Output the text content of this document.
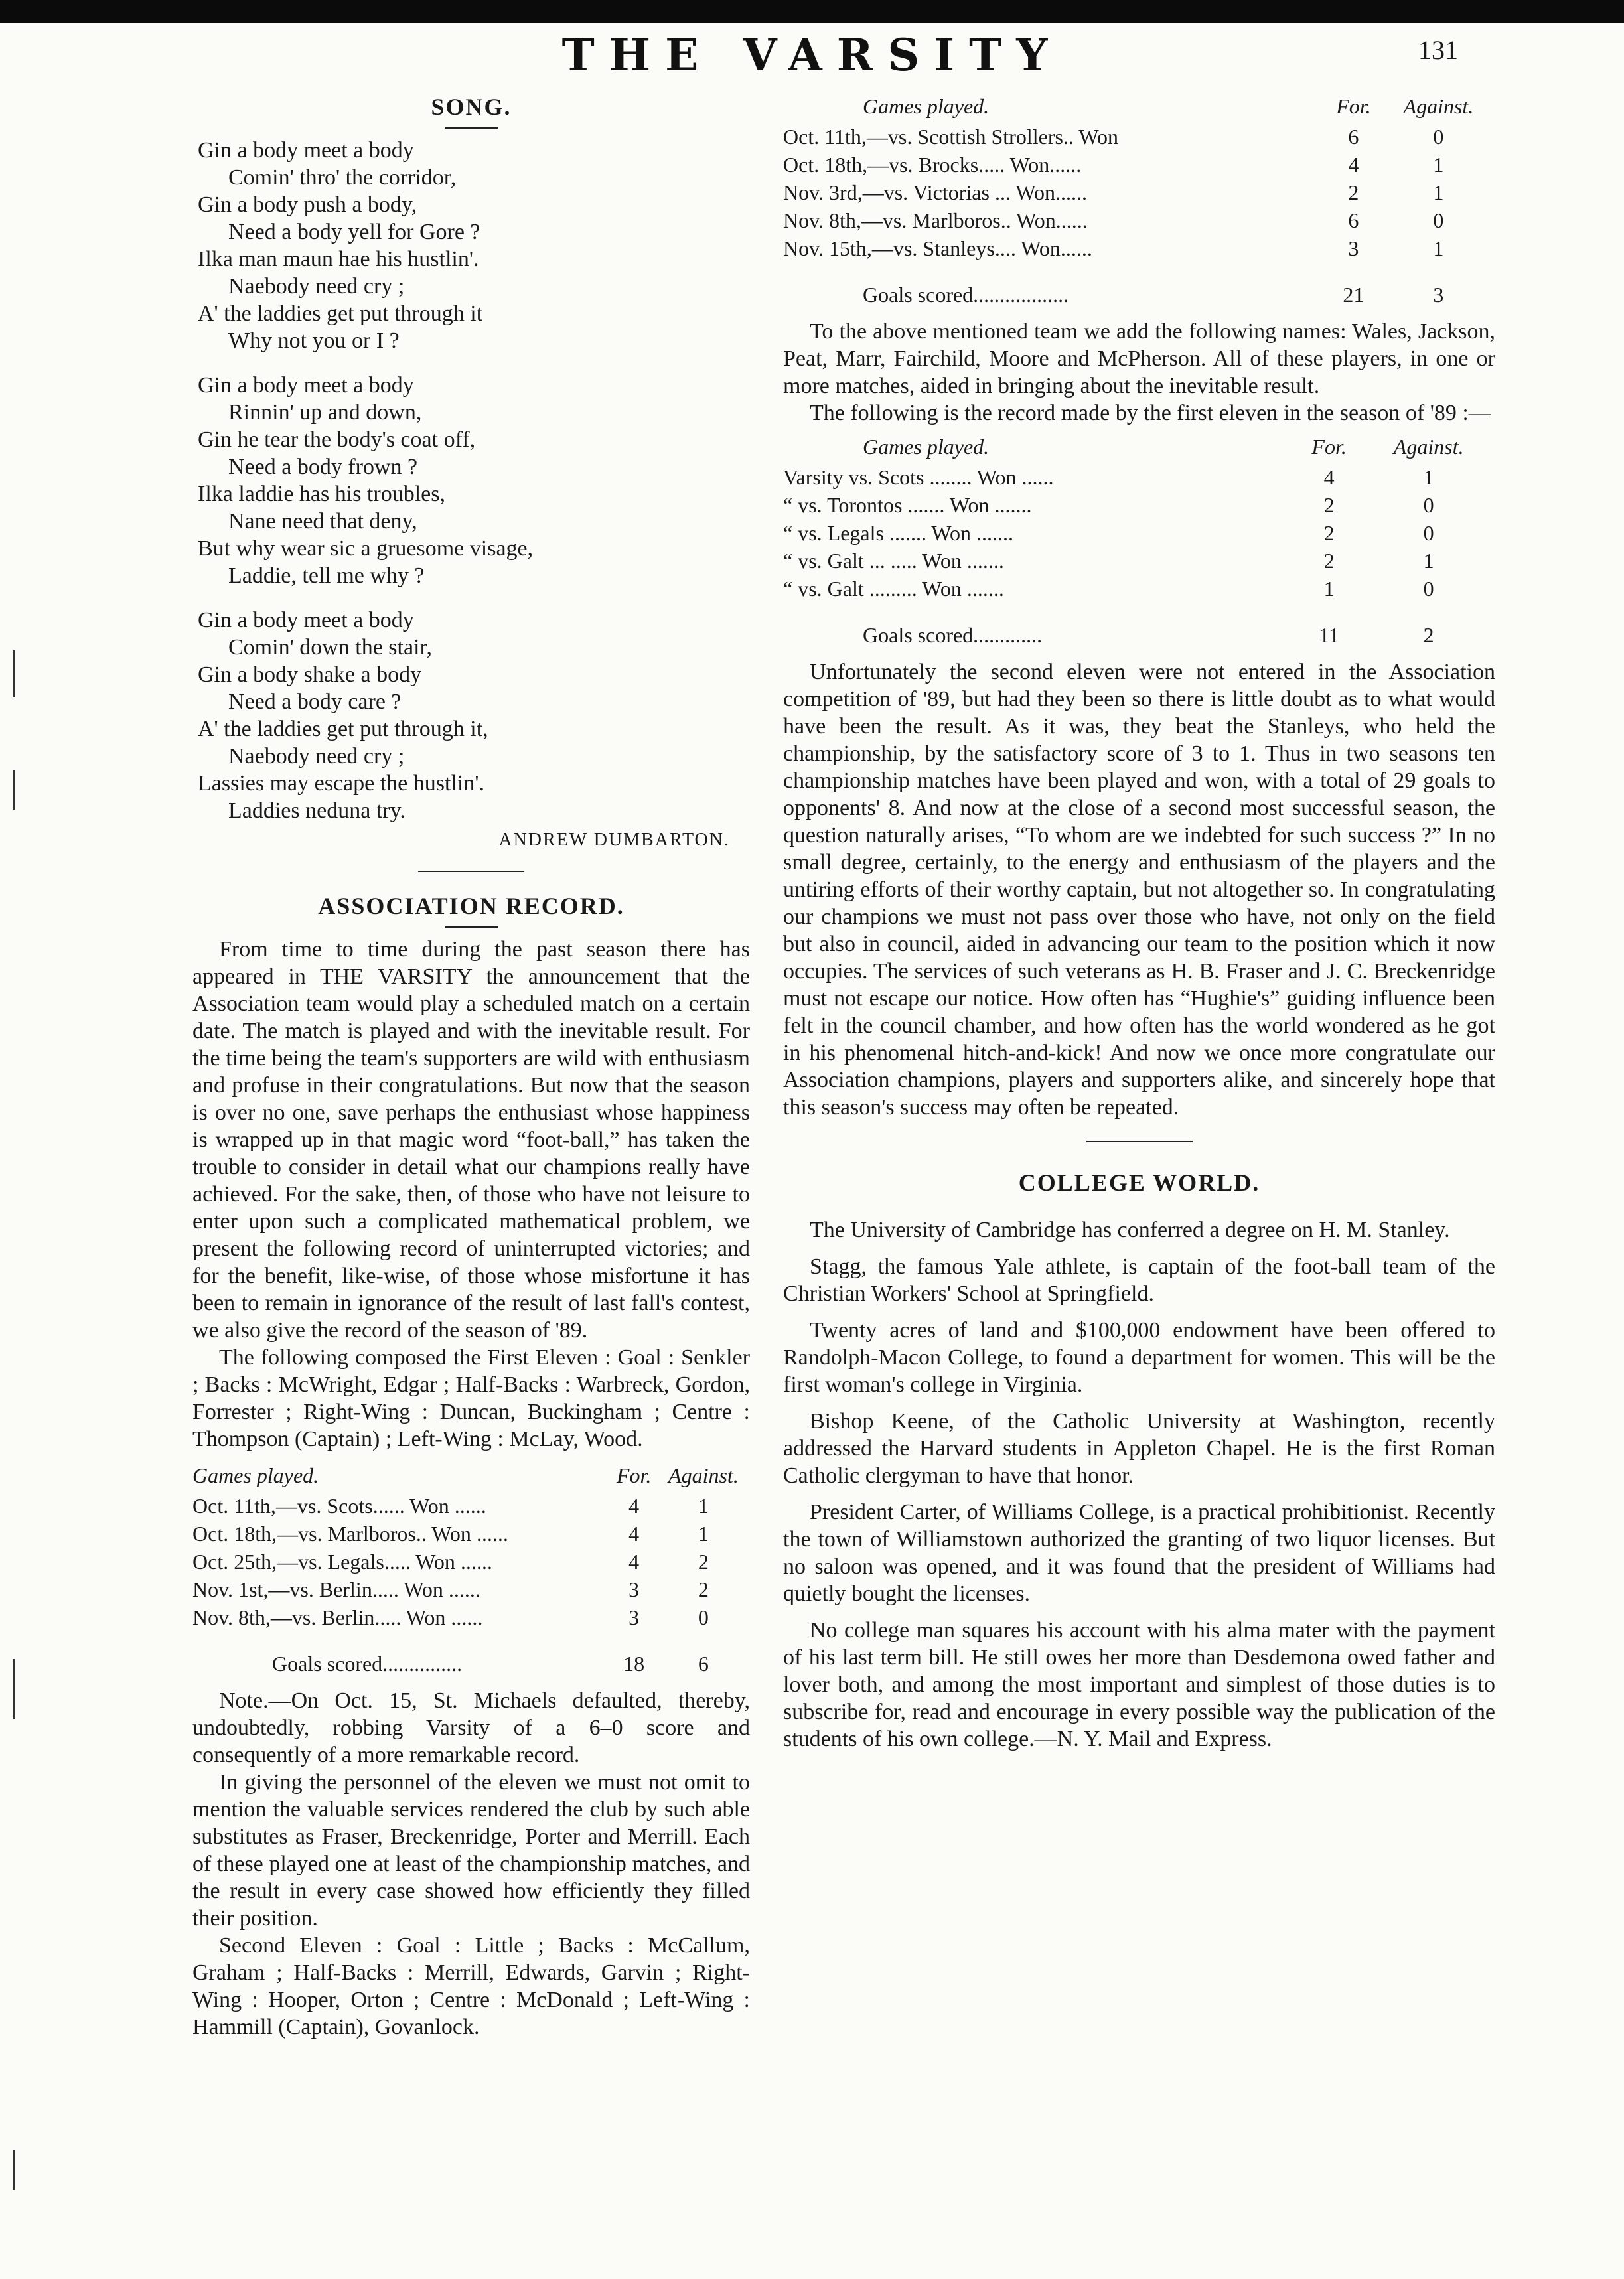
THE VARSITY	131
SONG.
Gin a body meet a body
Comin' thro' the corridor,
Gin a body push a body,
Need a body yell for Gore ?
Ilka man maun hae his hustlin'.
Naebody need cry ;
A' the laddies get put through it
Why not you or I ?
Gin a body meet a body
Rinnin' up and down,
Gin he tear the body's coat off,
Need a body frown ?
Ilka laddie has his troubles,
Nane need that deny,
But why wear sic a gruesome visage,
Laddie, tell me why ?
Gin a body meet a body
Comin' down the stair,
Gin a body shake a body
Need a body care ?
A' the laddies get put through it,
Naebody need cry ;
Lassies may escape the hustlin'.
Laddies neduna try.
ANDREW DUMBARTON.
ASSOCIATION RECORD.

From time to time during the past season there has appeared in THE VARSITY the announcement that the Association team would play a scheduled match on a certain date. The match is played and with the inevitable result. For the time being the team's supporters are wild with enthusiasm and profuse in their congratulations. But now that the season is over no one, save perhaps the enthusiast whose happiness is wrapped up in that magic word “foot-ball,” has taken the trouble to consider in detail what our champions really have achieved. For the sake, then, of those who have not leisure to enter upon such a complicated mathematical problem, we present the following record of uninterrupted victories; and for the benefit, like-wise, of those whose misfortune it has been to remain in ignorance of the result of last fall's contest, we also give the record of the season of '89.

The following composed the First Eleven : Goal : Senkler ; Backs : McWright, Edgar ; Half-Backs : Warbreck, Gordon, Forrester ; Right-Wing : Duncan, Buckingham ; Centre : Thompson (Captain) ; Left-Wing : McLay, Wood.

Games played.	For.	Against.
Oct. 11th,—vs. Scots...... Won ......	4	1
Oct. 18th,—vs. Marlboros.. Won ......	4	1
Oct. 25th,—vs. Legals..... Won ......	4	2
Nov. 1st,—vs. Berlin..... Won ......	3	2
Nov. 8th,—vs. Berlin..... Won ......	3	0
Goals scored...............	18	6

Note.—On Oct. 15, St. Michaels defaulted, thereby, undoubtedly, robbing Varsity of a 6–0 score and consequently of a more remarkable record.

In giving the personnel of the eleven we must not omit to mention the valuable services rendered the club by such able substitutes as Fraser, Breckenridge, Porter and Merrill. Each of these played one at least of the championship matches, and the result in every case showed how efficiently they filled their position.

Second Eleven : Goal : Little ; Backs : McCallum, Graham ; Half-Backs : Merrill, Edwards, Garvin ; Right-Wing : Hooper, Orton ; Centre : McDonald ; Left-Wing : Hammill (Captain), Govanlock.

Games played.	For.	Against.
Oct. 11th,—vs. Scottish Strollers.. Won	6	0
Oct. 18th,—vs. Brocks..... Won......	4	1
Nov. 3rd,—vs. Victorias ... Won......	2	1
Nov. 8th,—vs. Marlboros.. Won......	6	0
Nov. 15th,—vs. Stanleys.... Won......	3	1
Goals scored..................	21	3

To the above mentioned team we add the following names: Wales, Jackson, Peat, Marr, Fairchild, Moore and McPherson. All of these players, in one or more matches, aided in bringing about the inevitable result.

The following is the record made by the first eleven in the season of '89 :—

Games played.	For.	Against.
Varsity vs. Scots ........ Won ......	4	1
“ vs. Torontos ....... Won .......	2	0
“ vs. Legals ....... Won .......	2	0
“ vs. Galt ... ..... Won .......	2	1
“ vs. Galt ......... Won .......	1	0
Goals scored.............	11	2

Unfortunately the second eleven were not entered in the Association competition of '89, but had they been so there is little doubt as to what would have been the result. As it was, they beat the Stanleys, who held the championship, by the satisfactory score of 3 to 1. Thus in two seasons ten championship matches have been played and won, with a total of 29 goals to opponents' 8. And now at the close of a second most successful season, the question naturally arises, “To whom are we indebted for such success ?” In no small degree, certainly, to the energy and enthusiasm of the players and the untiring efforts of their worthy captain, but not altogether so. In congratulating our champions we must not pass over those who have, not only on the field but also in council, aided in advancing our team to the position which it now occupies. The services of such veterans as H. B. Fraser and J. C. Breckenridge must not escape our notice. How often has “Hughie's” guiding influence been felt in the council chamber, and how often has the world wondered as he got in his phenomenal hitch-and-kick! And now we once more congratulate our Association champions, players and supporters alike, and sincerely hope that this season's success may often be repeated.

COLLEGE WORLD.

The University of Cambridge has conferred a degree on H. M. Stanley.

Stagg, the famous Yale athlete, is captain of the foot-ball team of the Christian Workers' School at Springfield.

Twenty acres of land and $100,000 endowment have been offered to Randolph-Macon College, to found a department for women. This will be the first woman's college in Virginia.

Bishop Keene, of the Catholic University at Washington, recently addressed the Harvard students in Appleton Chapel. He is the first Roman Catholic clergyman to have that honor.

President Carter, of Williams College, is a practical prohibitionist. Recently the town of Williamstown authorized the granting of two liquor licenses. But no saloon was opened, and it was found that the president of Williams had quietly bought the licenses.

No college man squares his account with his alma mater with the payment of his last term bill. He still owes her more than Desdemona owed father and lover both, and among the most important and simplest of those duties is to subscribe for, read and encourage in every possible way the publication of the students of his own college.—N. Y. Mail and Express.
